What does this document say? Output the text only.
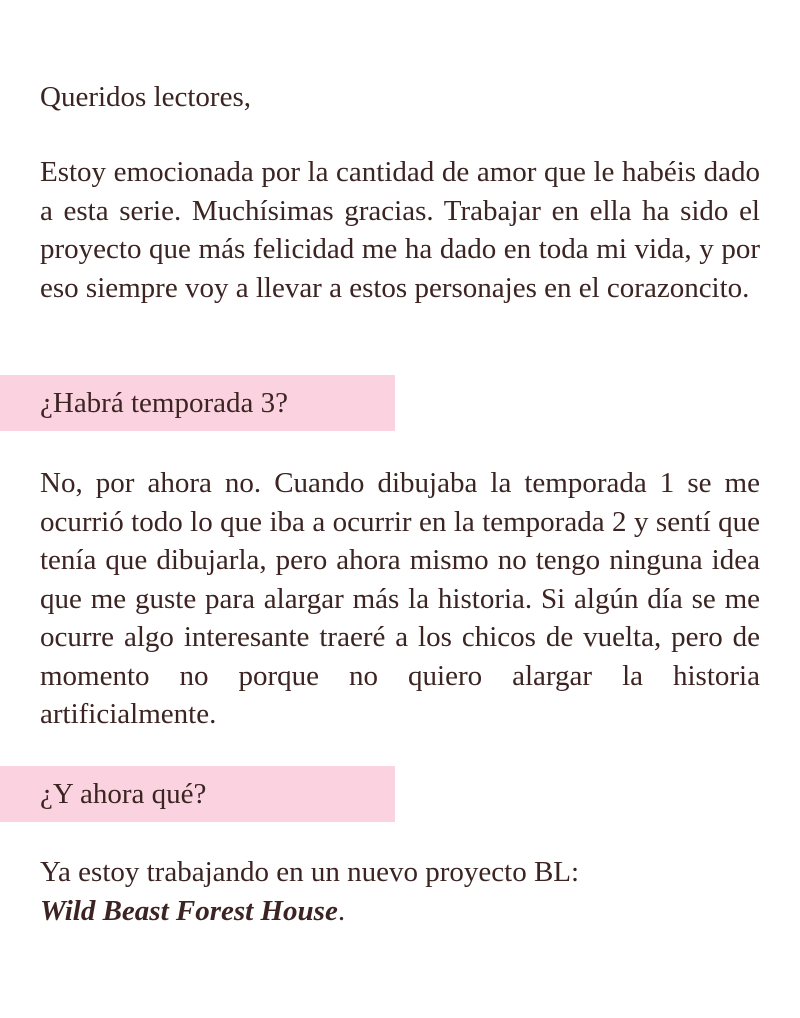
Queridos lectores,

Estoy emocionada por la cantidad de amor que le habéis dado a esta serie. Muchísimas gracias. Trabajar en ella ha sido el proyecto que más felicidad me ha dado en toda mi vida, y por eso siempre voy a llevar a estos personajes en el corazoncito.

¿Habrá temporada 3?

No, por ahora no. Cuando dibujaba la temporada 1 se me ocurrió todo lo que iba a ocurrir en la temporada 2 y sentí que tenía que dibujarla, pero ahora mismo no tengo ninguna idea que me guste para alargar más la historia. Si algún día se me ocurre algo interesante traeré a los chicos de vuelta, pero de momento no porque no quiero alargar la historia artificialmente.

¿Y ahora qué?

Ya estoy trabajando en un nuevo proyecto BL:
Wild Beast Forest House.
